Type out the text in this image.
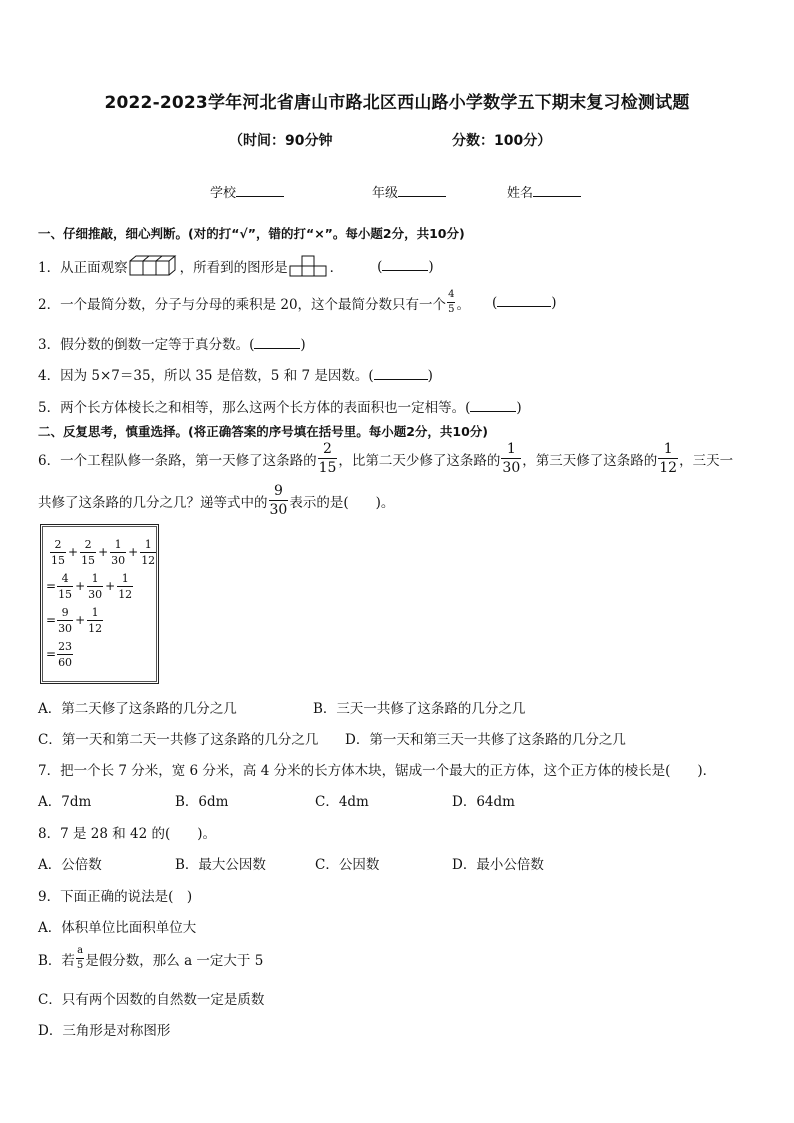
2022-2023学年河北省唐山市路北区西山路小学数学五下期末复习检测试题
（时间：90分钟	分数：100分）
学校	年级	姓名
一、仔细推敲，细心判断。(对的打“√”，错的打“×”。每小题2分，共10分)
1．从正面观察	，所看到的图形是	．	(	)
2．一个最简分数，分子与分母的乘积是 20，这个最简分数只有一个 $\frac{4}{5}$ 。 (	)
3．假分数的倒数一定等于真分数。(	)
4．因为 5×7＝35，所以 35 是倍数，5 和 7 是因数。(	)
5．两个长方体棱长之和相等，那么这两个长方体的表面积也一定相等。(	)
二、反复思考，慎重选择。(将正确答案的序号填在括号里。每小题2分，共10分)
6．一个工程队修一条路，第一天修了这条路的 $\frac{2}{15}$ ，比第二天少修了这条路的 $\frac{1}{30}$ ，第三天修了这条路的 $\frac{1}{12}$ ，三天一
共修了这条路的几分之几？递等式中的 $\frac{9}{30}$ 表示的是(　　)。
$\frac{2}{15} + \frac{2}{15} + \frac{1}{30} + \frac{1}{12}$
= $\frac{4}{15} + \frac{1}{30} + \frac{1}{12}$
= $\frac{9}{30} + \frac{1}{12}$
= $\frac{23}{60}$
A．第二天修了这条路的几分之几	B．三天一共修了这条路的几分之几
C．第一天和第二天一共修了这条路的几分之几 D．第一天和第三天一共修了这条路的几分之几
7．把一个长 7 分米，宽 6 分米，高 4 分米的长方体木块，锯成一个最大的正方体，这个正方体的棱长是(　　)．
A．7dm	B．6dm	C．4dm	D．64dm
8．7 是 28 和 42 的(　　)。
A．公倍数	B．最大公因数	C．公因数	D．最小公倍数
9．下面正确的说法是(　)
A．体积单位比面积单位大
B．若 $\frac{a}{5}$ 是假分数，那么 a 一定大于 5
C．只有两个因数的自然数一定是质数
D．三角形是对称图形
